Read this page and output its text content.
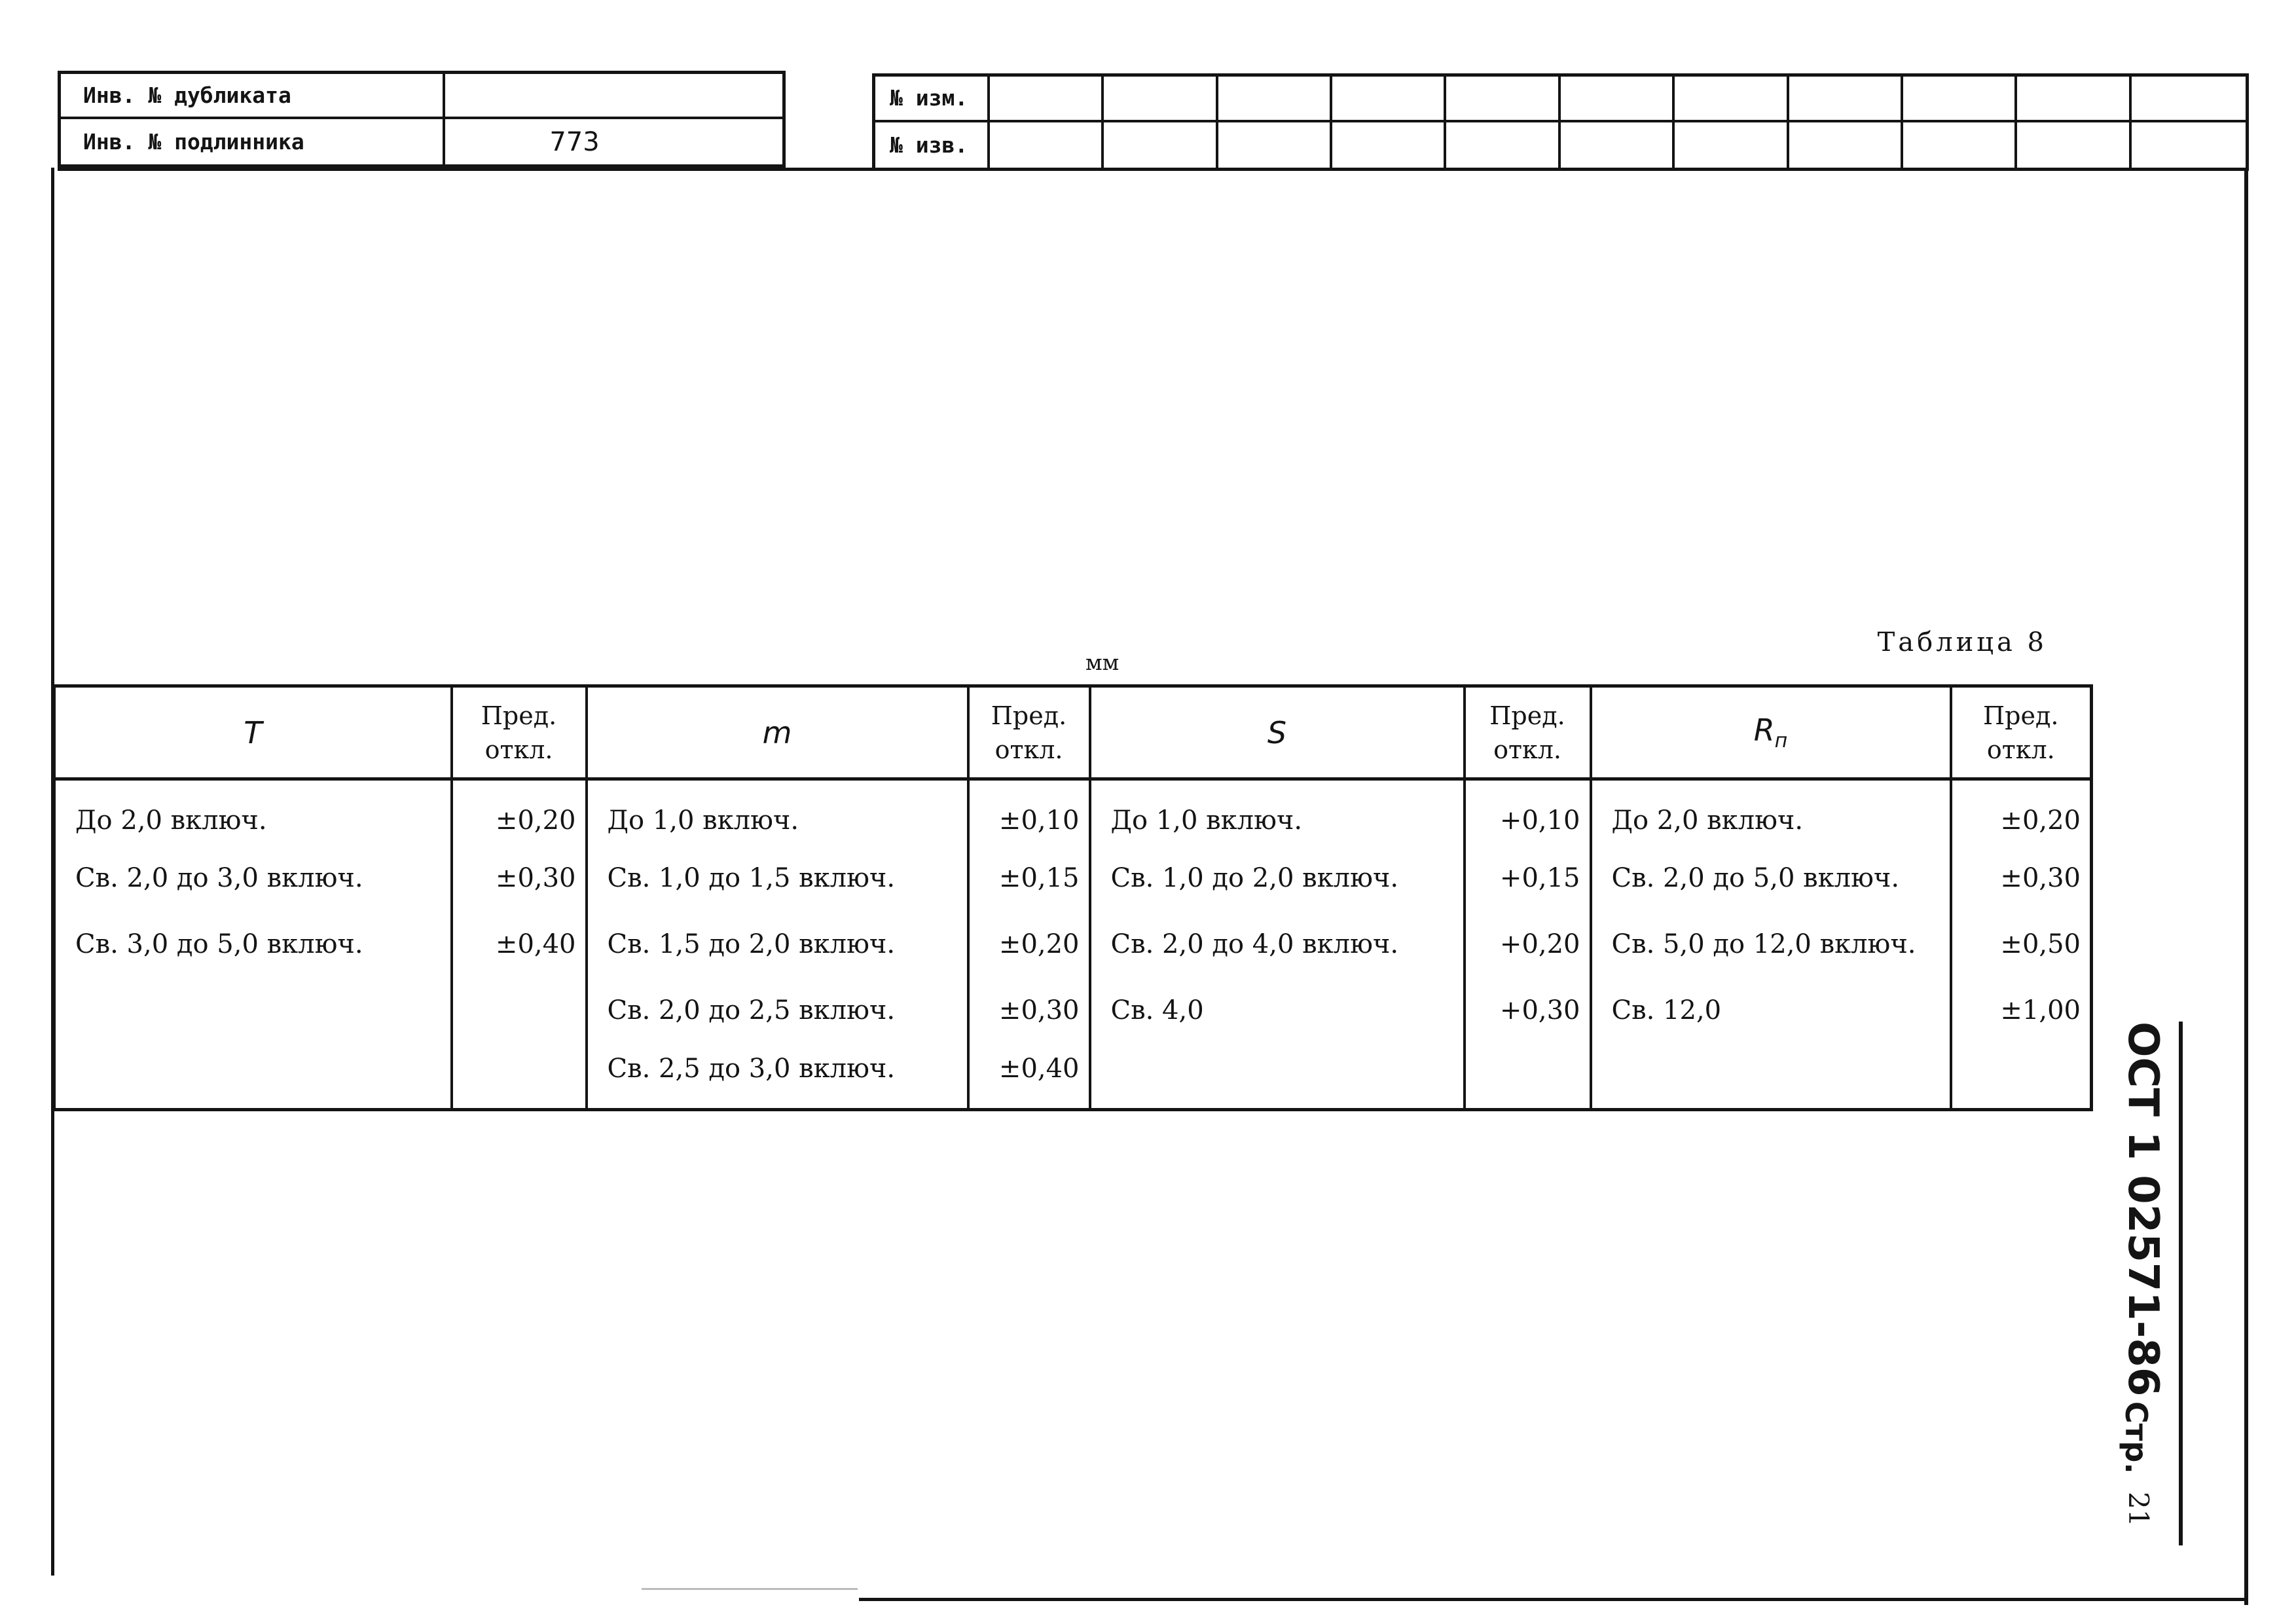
Инв. № дубликата
Инв. № подлинника	773
№ изм.
№ изв.
Таблица 8
мм
T	Пред. откл.	m	Пред. откл.	S	Пред. откл.	$R_п$	Пред. откл.
До 2,0 включ.	±0,20	До 1,0 включ.	±0,10	До 1,0 включ.	+0,10	До 2,0 включ.	±0,20
Св. 2,0 до 3,0 включ.	±0,30	Св. 1,0 до 1,5 включ.	±0,15	Св. 1,0 до 2,0 включ.	+0,15	Св. 2,0 до 5,0 включ.	±0,30
Св. 3,0 до 5,0 включ.	±0,40	Св. 1,5 до 2,0 включ.	±0,20	Св. 2,0 до 4,0 включ.	+0,20	Св. 5,0 до 12,0 включ.	±0,50
		Св. 2,0 до 2,5 включ.	±0,30	Св. 4,0	+0,30	Св. 12,0	±1,00
		Св. 2,5 до 3,0 включ.	±0,40					ОСТ 1 02571-86
Стр.
21
